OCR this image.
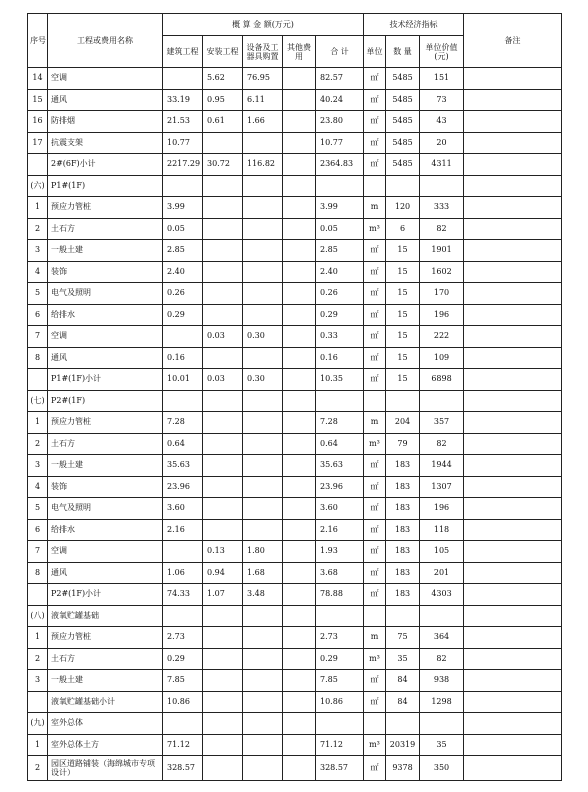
序号	工程或费用名称	概 算 金 额(万元)					技术经济指标			备注
		建筑工程	安装工程	设备及工器具购置	其他费用	合 计	单位	数 量	单位价值(元)	
14	空调		5.62	76.95		82.57	㎡	5485	151	
15	通风	33.19	0.95	6.11		40.24	㎡	5485	73	
16	防排烟	21.53	0.61	1.66		23.80	㎡	5485	43	
17	抗震支架	10.77				10.77	㎡	5485	20	
	2#(6F)小计	2217.29	30.72	116.82		2364.83	㎡	5485	4311	
(六)	P1#(1F)									
1	预应力管桩	3.99				3.99	m	120	333	
2	土石方	0.05				0.05	m³	6	82	
3	一般土建	2.85				2.85	㎡	15	1901	
4	装饰	2.40				2.40	㎡	15	1602	
5	电气及照明	0.26				0.26	㎡	15	170	
6	给排水	0.29				0.29	㎡	15	196	
7	空调		0.03	0.30		0.33	㎡	15	222	
8	通风	0.16				0.16	㎡	15	109	
	P1#(1F)小计	10.01	0.03	0.30		10.35	㎡	15	6898	
(七)	P2#(1F)									
1	预应力管桩	7.28				7.28	m	204	357	
2	土石方	0.64				0.64	m³	79	82	
3	一般土建	35.63				35.63	㎡	183	1944	
4	装饰	23.96				23.96	㎡	183	1307	
5	电气及照明	3.60				3.60	㎡	183	196	
6	给排水	2.16				2.16	㎡	183	118	
7	空调		0.13	1.80		1.93	㎡	183	105	
8	通风	1.06	0.94	1.68		3.68	㎡	183	201	
	P2#(1F)小计	74.33	1.07	3.48		78.88	㎡	183	4303	
(八)	液氧贮罐基础									
1	预应力管桩	2.73				2.73	m	75	364	
2	土石方	0.29				0.29	m³	35	82	
3	一般土建	7.85				7.85	㎡	84	938	
	液氧贮罐基础小计	10.86				10.86	㎡	84	1298	
(九)	室外总体									
1	室外总体土方	71.12				71.12	m³	20319	35	
2	园区道路铺装（海绵城市专项设计）	328.57				328.57	㎡	9378	350	
